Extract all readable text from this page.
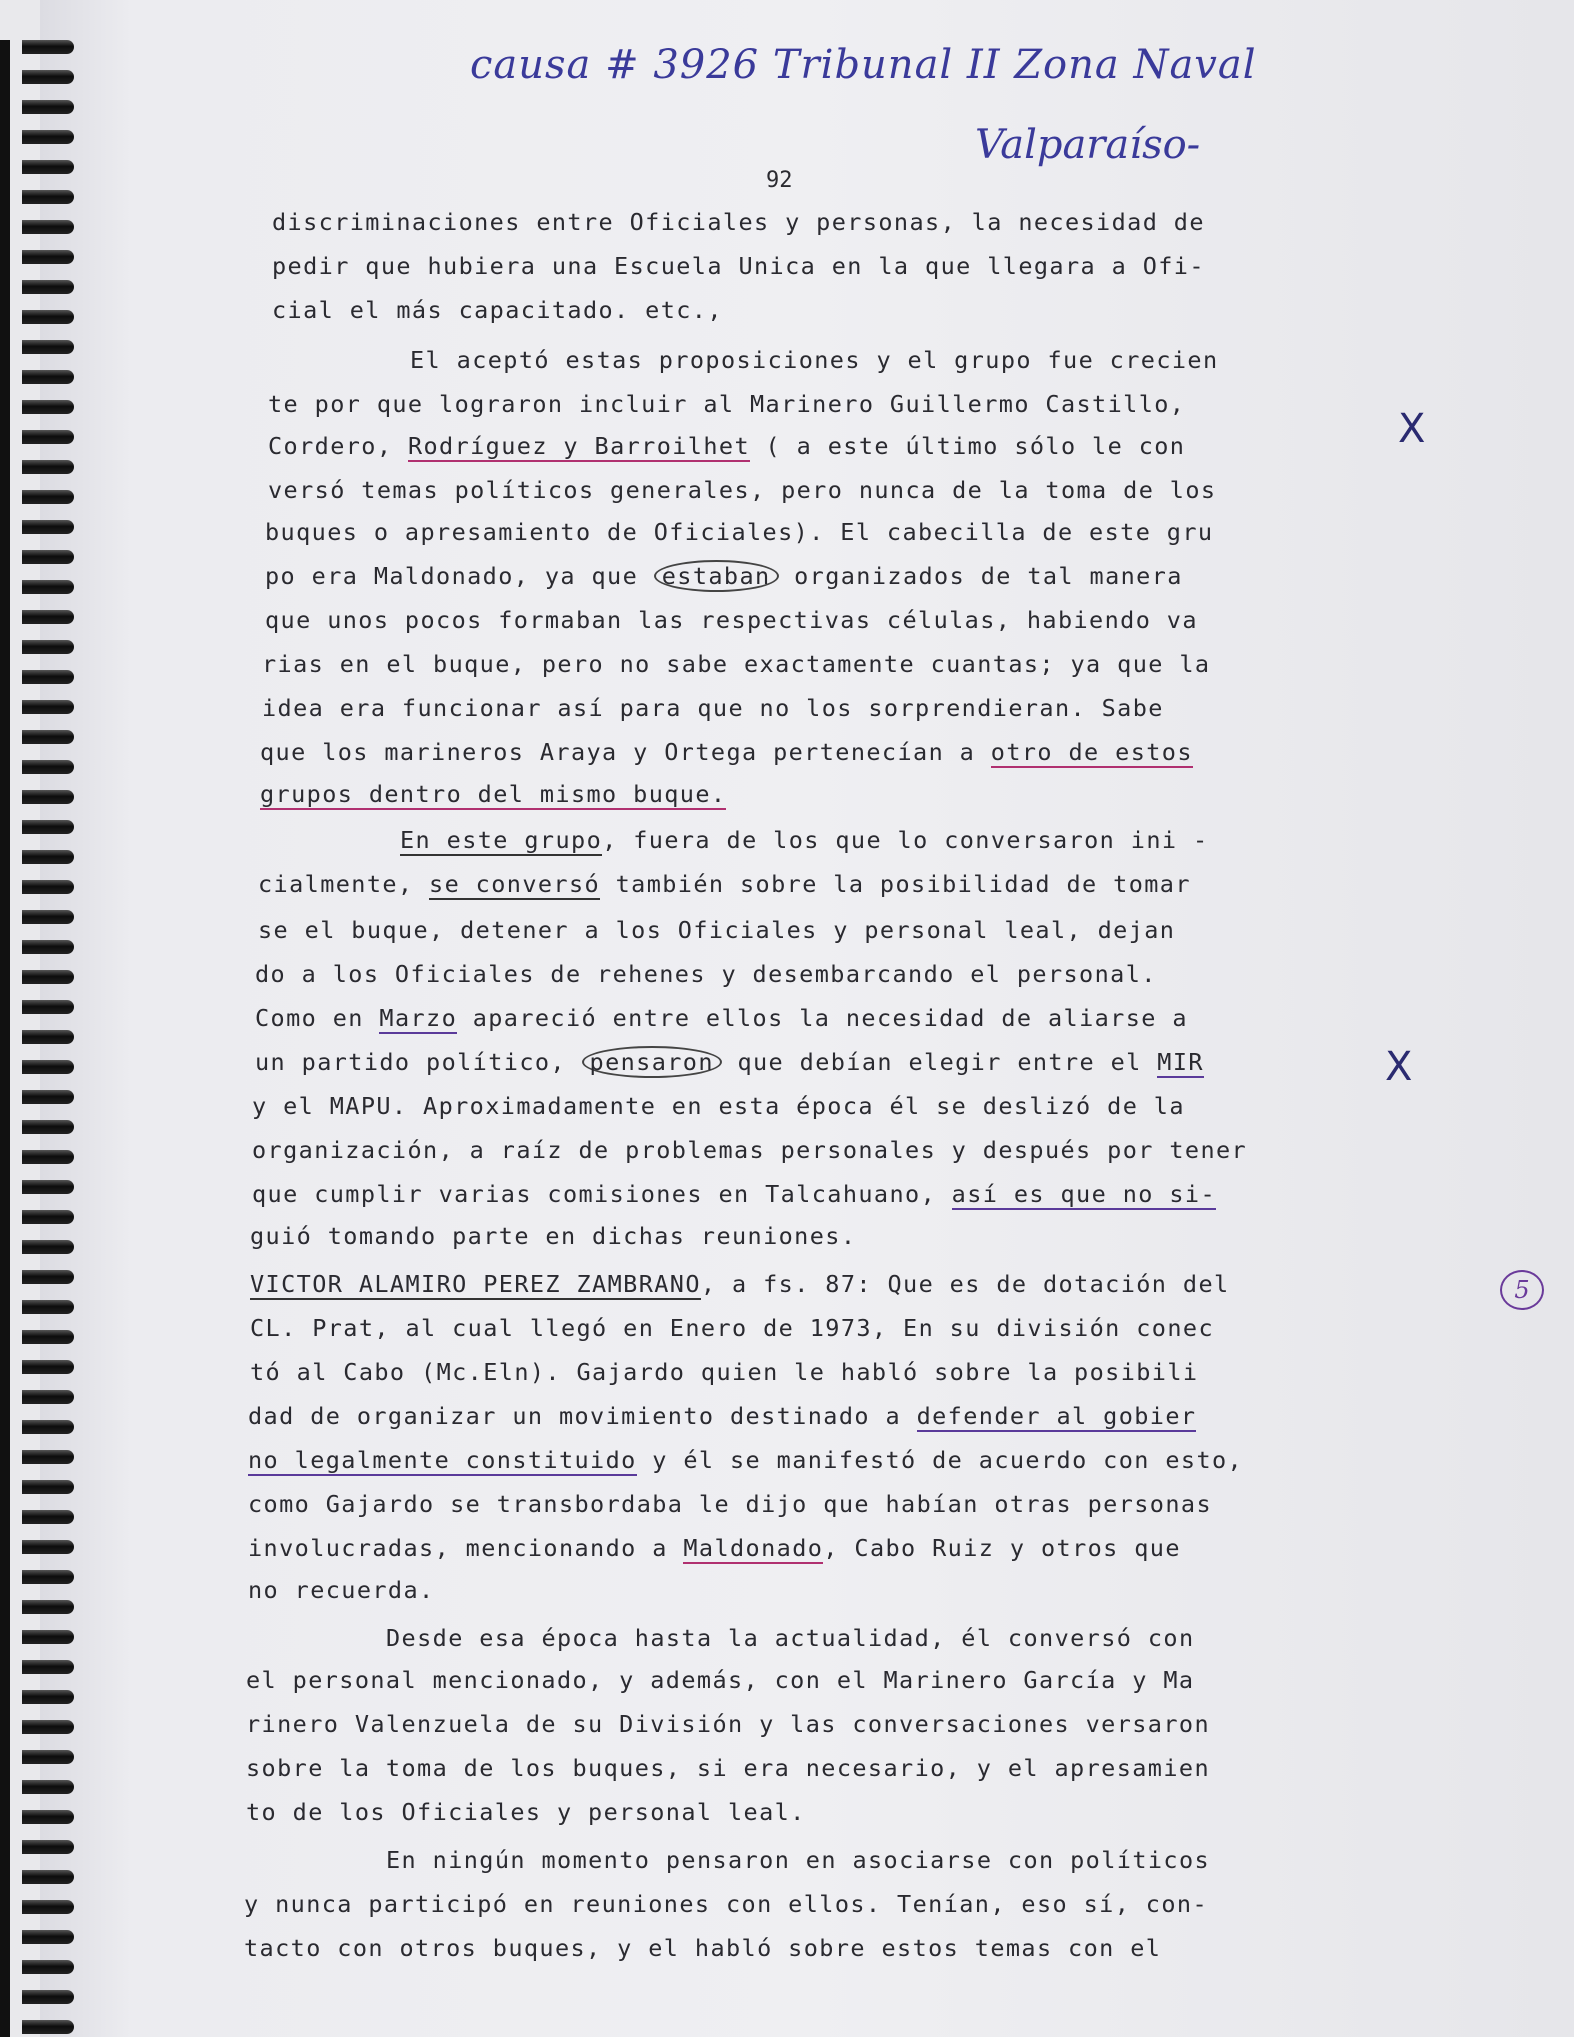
causa # 3926 Tribunal II Zona Naval
Valparaíso-
92
discriminaciones entre Oficiales y personas, la necesidad de
pedir que hubiera una Escuela Unica en la que llegara a Ofi-
cial el más capacitado. etc.,
El aceptó estas proposiciones y el grupo fue crecien
te por que lograron incluir al Marinero Guillermo Castillo,
Cordero, Rodríguez y Barroilhet ( a este último sólo le con
versó temas políticos generales, pero nunca de la toma de los
buques o apresamiento de Oficiales). El cabecilla de este gru
po era Maldonado, ya que estaban organizados de tal manera
que unos pocos formaban las respectivas células, habiendo va
rias en el buque, pero no sabe exactamente cuantas; ya que la
idea era funcionar así para que no los sorprendieran. Sabe
que los marineros Araya y Ortega pertenecían a otro de estos
grupos dentro del mismo buque.
En este grupo, fuera de los que lo conversaron ini -
cialmente, se conversó también sobre la posibilidad de tomar
se el buque, detener a los Oficiales y personal leal, dejan
do a los Oficiales de rehenes y desembarcando el personal.
Como en Marzo apareció entre ellos la necesidad de aliarse a
un partido político, pensaron que debían elegir entre el MIR
y el MAPU. Aproximadamente en esta época él se deslizó de la
organización, a raíz de problemas personales y después por tener
que cumplir varias comisiones en Talcahuano, así es que no si-
guió tomando parte en dichas reuniones.
VICTOR ALAMIRO PEREZ ZAMBRANO, a fs. 87: Que es de dotación del
CL. Prat, al cual llegó en Enero de 1973, En su división conec
tó al Cabo (Mc.Eln). Gajardo quien le habló sobre la posibili
dad de organizar un movimiento destinado a defender al gobier
no legalmente constituido y él se manifestó de acuerdo con esto,
como Gajardo se transbordaba le dijo que habían otras personas
involucradas, mencionando a Maldonado, Cabo Ruiz y otros que
no recuerda.
Desde esa época hasta la actualidad, él conversó con
el personal mencionado, y además, con el Marinero García y Ma
rinero Valenzuela de su División y las conversaciones versaron
sobre la toma de los buques, si era necesario, y el apresamien
to de los Oficiales y personal leal.
En ningún momento pensaron en asociarse con políticos
y nunca participó en reuniones con ellos. Tenían, eso sí, con-
tacto con otros buques, y el habló sobre estos temas con el
X
X
5
